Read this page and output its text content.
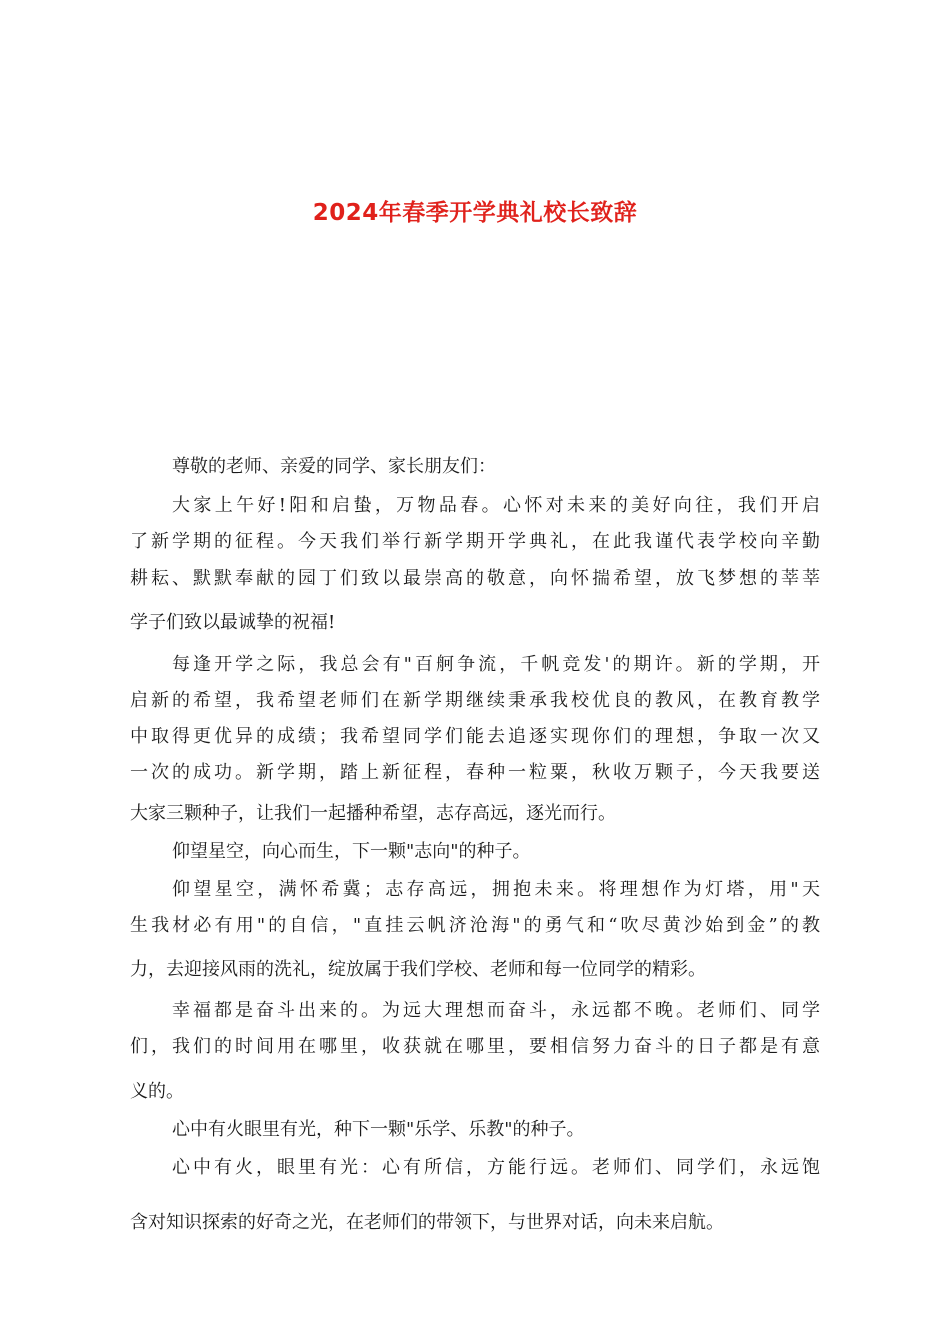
2024年春季开学典礼校长致辞
尊敬的老师、亲爱的同学、家长朋友们：
大家上午好!阳和启蛰，万物品春。心怀对未来的美好向往，我们开启
了新学期的征程。今天我们举行新学期开学典礼，在此我谨代表学校向辛勤
耕耘、默默奉献的园丁们致以最崇高的敬意，向怀揣希望，放飞梦想的莘莘
学子们致以最诚挚的祝福!
每逢开学之际，我总会有"百舸争流，千帆竞发'的期许。新的学期，开
启新的希望，我希望老师们在新学期继续秉承我校优良的教风，在教育教学
中取得更优异的成绩；我希望同学们能去追逐实现你们的理想，争取一次又
一次的成功。新学期，踏上新征程，春种一粒粟，秋收万颗子，今天我要送
大家三颗种子，让我们一起播种希望，志存高远，逐光而行。
仰望星空，向心而生，下一颗"志向"的种子。
仰望星空，满怀希冀；志存高远，拥抱未来。将理想作为灯塔，用"天
生我材必有用"的自信，"直挂云帆济沧海"的勇气和“吹尽黄沙始到金”的教
力，去迎接风雨的洗礼，绽放属于我们学校、老师和每一位同学的精彩。
幸福都是奋斗出来的。为远大理想而奋斗，永远都不晚。老师们、同学
们，我们的时间用在哪里，收获就在哪里，要相信努力奋斗的日子都是有意
义的。
心中有火眼里有光，种下一颗"乐学、乐教"的种子。
心中有火，眼里有光：心有所信，方能行远。老师们、同学们，永远饱
含对知识探索的好奇之光，在老师们的带领下，与世界对话，向未来启航。
